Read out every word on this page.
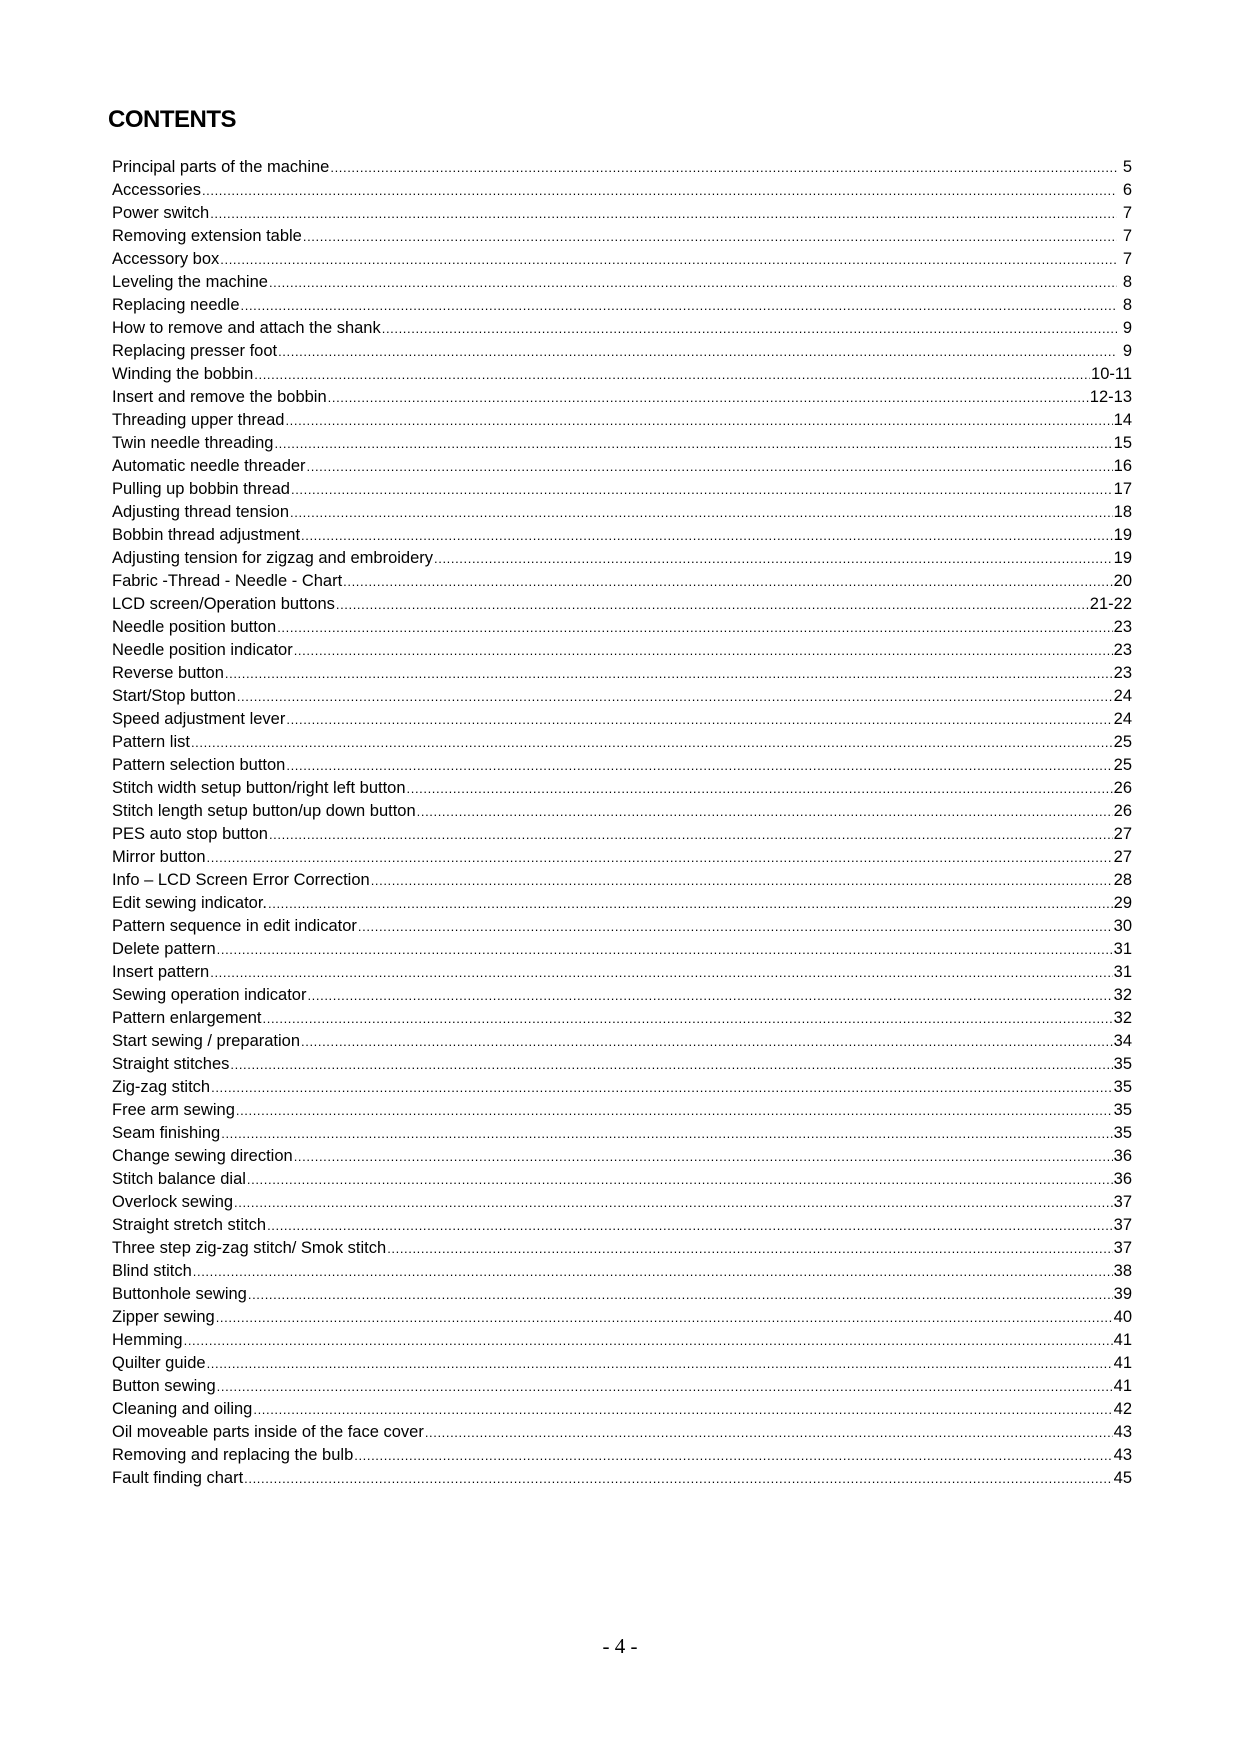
CONTENTS
Principal parts of the machine .....	5
Accessories .....	6
Power switch .....	7
Removing extension table .....	7
Accessory box .....	7
Leveling the machine .....	8
Replacing needle .....	8
How to remove and attach the shank .....	9
Replacing presser foot .....	9
Winding the bobbin .....	10-11
Insert and remove the bobbin .....	12-13
Threading upper thread .....	14
Twin needle threading .....	15
Automatic needle threader .....	16
Pulling up bobbin thread .....	17
Adjusting thread tension .....	18
Bobbin thread adjustment .....	19
Adjusting tension for zigzag and embroidery .....	19
Fabric -Thread - Needle - Chart .....	20
LCD screen/Operation buttons .....	21-22
Needle position button .....	23
Needle position indicator .....	23
Reverse button .....	23
Start/Stop button .....	24
Speed adjustment lever .....	24
Pattern list .....	25
Pattern selection button .....	25
Stitch width setup button/right left button .....	26
Stitch length setup button/up down button .....	26
PES auto stop button .....	27
Mirror button .....	27
Info – LCD Screen Error Correction .....	28
Edit sewing indicator. .....	29
Pattern sequence in edit indicator .....	30
Delete pattern .....	31
Insert pattern .....	31
Sewing operation indicator .....	32
Pattern enlargement .....	32
Start sewing / preparation .....	34
Straight stitches .....	35
Zig-zag stitch .....	35
Free arm sewing .....	35
Seam finishing .....	35
Change sewing direction .....	36
Stitch balance dial .....	36
Overlock sewing .....	37
Straight stretch stitch .....	37
Three step zig-zag stitch/ Smok stitch .....	37
Blind stitch .....	38
Buttonhole sewing .....	39
Zipper sewing .....	40
Hemming .....	41
Quilter guide .....	41
Button sewing .....	41
Cleaning and oiling .....	42
Oil moveable parts inside of the face cover .....	43
Removing and replacing the bulb .....	43
Fault finding chart .....	45
- 4 -
